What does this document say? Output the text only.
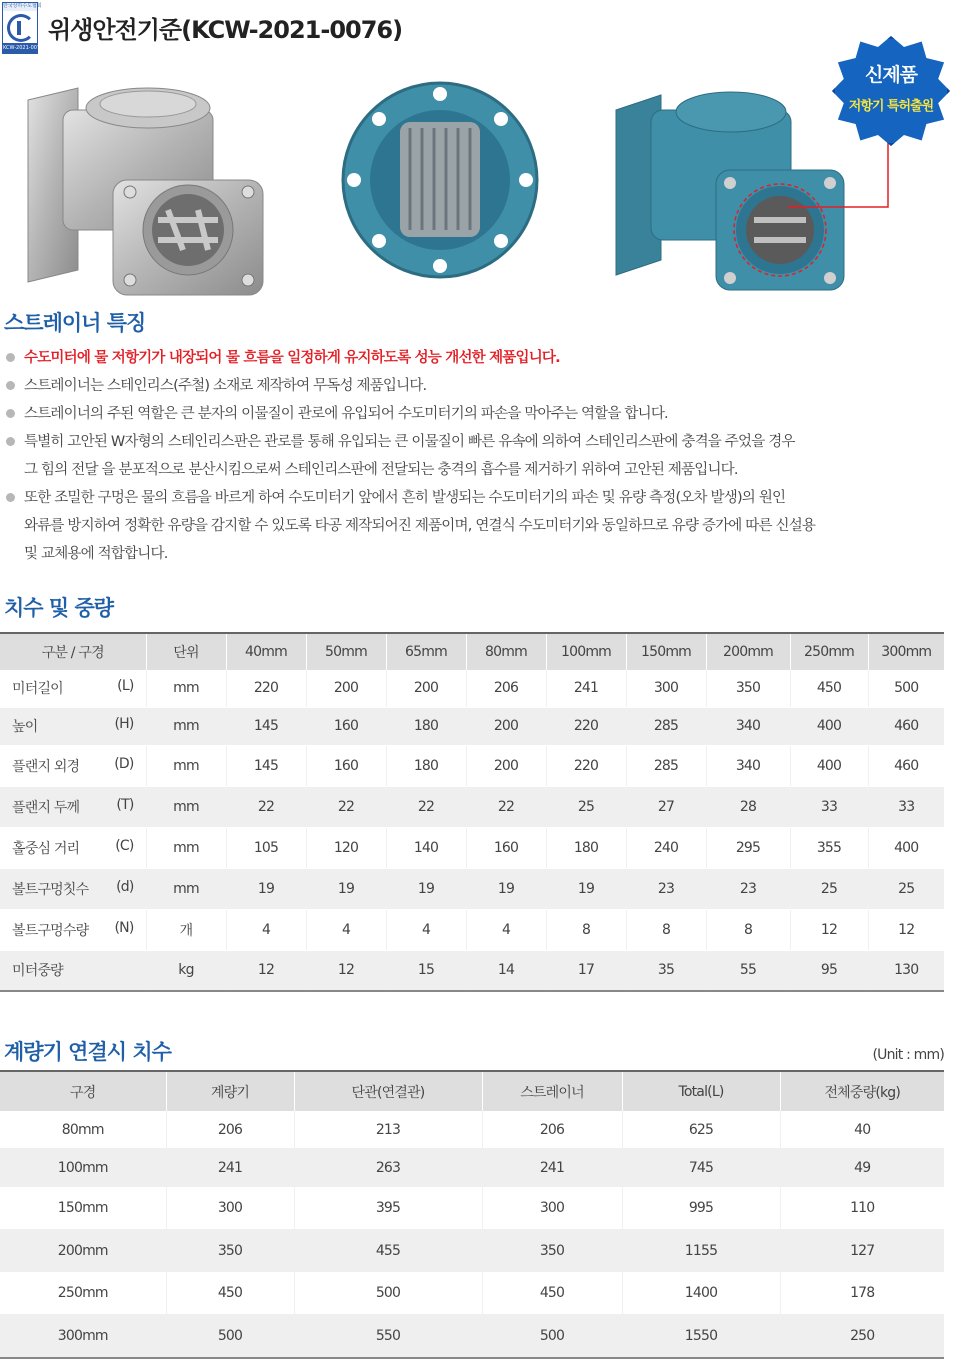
한국상하수도협회
KCW-2021-0076
위생안전기준(KCW-2021-0076)
신제품
저항기 특허출원
스트레이너 특징
수도미터에 물 저항기가 내장되어 물 흐름을 일정하게 유지하도록 성능 개선한 제품입니다.
스트레이너는 스테인리스(주철) 소재로 제작하여 무독성 제품입니다.
스트레이너의 주된 역할은 큰 분자의 이물질이 관로에 유입되어 수도미터기의 파손을 막아주는 역할을 합니다.
특별히 고안된 W자형의 스테인리스판은 관로를 통해 유입되는 큰 이물질이 빠른 유속에 의하여 스테인리스판에 충격을 주었을 경우
그 힘의 전달 을 분포적으로 분산시킴으로써 스테인리스판에 전달되는 충격의 흡수를 제거하기 위하여 고안된 제품입니다.
또한 조밀한 구멍은 물의 흐름을 바르게 하여 수도미터기 앞에서 흔히 발생되는 수도미터기의 파손 및 유량 측정(오차 발생)의 원인
와류를 방지하여 정확한 유량을 감지할 수 있도록 타공 제작되어진 제품이며, 연결식 수도미터기와 동일하므로 유량 증가에 따른 신설용
및 교체용에 적합합니다.
치수 및 중량
구분 / 구경	단위	40mm	50mm	65mm	80mm	100mm	150mm	200mm	250mm	300mm

미터길이 (L)	mm	220	200	200	206	241	300	350	450	500

높이 (H)	mm	145	160	180	200	220	285	340	400	460

플랜지 외경 (D)	mm	145	160	180	200	220	285	340	400	460

플랜지 두께 (T)	mm	22	22	22	22	25	27	28	33	33

홀중심 거리 (C)	mm	105	120	140	160	180	240	295	355	400

볼트구멍칫수 (d)	mm	19	19	19	19	19	23	23	25	25

볼트구멍수량 (N)	개	4	4	4	4	8	8	8	12	12

미터중량	kg	12	12	15	14	17	35	55	95	130
계량기 연결시 치수	(Unit : mm)
구경	계량기	단관(연결관)	스트레이너	Total(L)	전체중량(kg)
80mm	206	213	206	625	40
100mm	241	263	241	745	49
150mm	300	395	300	995	110
200mm	350	455	350	1155	127
250mm	450	500	450	1400	178
300mm	500	550	500	1550	250
